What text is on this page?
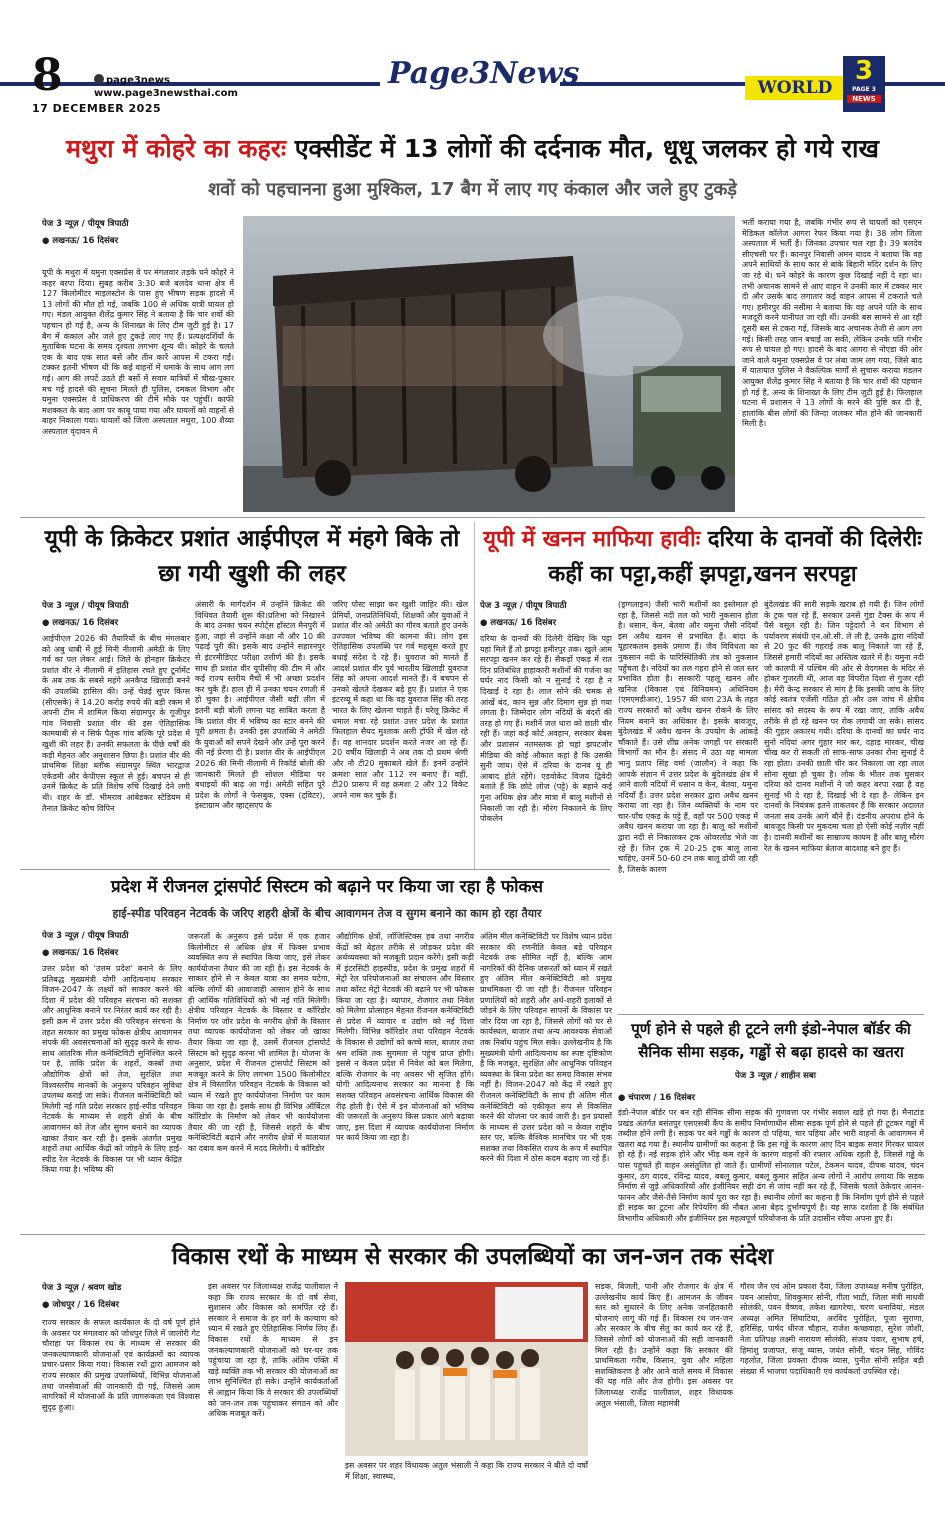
8	page3news
www.page3newsthai.com
17 DECEMBER 2025
Page3News	WORLD
3
PAGE 3
NEWS
मथुरा में कोहरे का कहरः एक्सीडेंट में 13 लोगों की दर्दनाक मौत, धूधू जलकर हो गये राख
शवों को पहचानना हुआ मुश्किल, 17 बैग में लाए गए कंकाल और जले हुए टुकड़े
पेज 3 न्यूज़ / पीयूष त्रिपाठी
● लखनऊ/ 16 दिसंबर
यूपी के मथुरा में यमुना एक्सप्रेस वे पर मंगलवार तड़के घने कोहरे ने कहर बरपा दिया। सुबह करीब 3:30 बजे बलदेव थाना क्षेत्र में 127 किलोमीटर माइलस्टोन के पास हुए भीषण सड़क हादसे में 13 लोगों की मौत हो गई, जबकि 100 से अधिक यात्री घायल हो गए। मंडल आयुक्त शैलेंद्र कुमार सिंह ने बताया है कि चार शवों की पहचान हो गई है, अन्य के शिनाख्त के लिए टीम जुटी हुई है। 17 बैग में कंकाल और जले हुए टुकड़े लाए गए हैं। प्रत्यक्षदर्शियों के मुताबिक घटना के समय दृश्यता लगभग शून्य थी। कोहरे के चलते एक के बाद एक सात बसें और तीन कारें आपस में टकरा गईं। टक्कर इतनी भीषण थी कि कई वाहनों में धमाके के साथ आग लग गई। आग की लपटें उठते ही बसों में सवार यात्रियों में चीख-पुकार मच गई हादसे की सूचना मिलते ही पुलिस, दमकल विभाग और यमुना एक्सप्रेस वे प्राधिकरण की टीमें मौके पर पहुंचीं। काफी मशक्कत के बाद आग पर काबू पाया गया और घायलों को वाहनों से बाहर निकाला गया। घायलों को जिला अस्पताल मथुरा, 100 शैय्या अस्पताल वृंदावन में
भर्ती कराया गया है, जबकि गंभीर रूप से घायलों को एसएन मेडिकल कॉलेज आगरा रेफर किया गया है। 38 लोग जिला अस्पताल में भर्ती हैं। जिनका उपचार चल रहा है। 39 बलदेव सीएचसी पर हैं। कानपुर निवासी अमन यादव ने बताया कि वह अपने साथियों के साथ कार से बांके बिहारी मंदिर दर्शन के लिए जा रहे थे। घने कोहरे के कारण कुछ दिखाई नहीं दे रहा था। तभी अचानक सामने से आए वाहन ने उनकी कार में टक्कर मार दी और उसके बाद लगातार कई वाहन आपस में टकराते चले गए। हमीरपुर की नसीमा ने बताया कि वह अपने पति के साथ मजदूरी करने पानीपत जा रही थीं। उनकी बस सामने से आ रही दूसरी बस से टकरा गई, जिसके बाद अचानक तेजी से आग लग गई। किसी तरह जान बचाई जा सकी, लेकिन उनके पति गंभीर रूप से घायल हो गए। हादसे के बाद आगरा से नोएडा की ओर जाने वाले यमुना एक्सप्रेस वे पर लंबा जाम लग गया, जिसे बाद में यातायात पुलिस ने वैकल्पिक मार्गों से सुचारू कराया मंडलन आयुक्त शैलेंद्र कुमार सिंह ने बताया है कि चार शवों की पहचान हो गई है, अन्य के शिनाख्त के लिए टीम जुटी हुई है। फिलहाल घटना में प्रशासन ने 13 लोगों के मरने की पुष्टि कर दी है, हालांकि बीस लोगों की जिन्दा जलकर मौत होने की जानकारी मिली है।
यूपी के क्रिकेटर प्रशांत आईपीएल में मंहगे बिके तो छा गयी खुशी की लहर
पेज 3 न्यूज़ / पीयूष त्रिपाठी
● लखनऊ/ 16 दिसंबर
आईपीएल 2026 की तैयारियों के बीच मंगलवार को अबु धाबी में हुई मिनी नीलामी अमेठी के लिए गर्व का पल लेकर आई। जिले के होनहार क्रिकेटर प्रशांत वीर ने नीलामी में इतिहास रचते हुए टूर्नामेंट के अब तक के सबसे महंगे अनकैप्ड खिलाड़ी बनने की उपलब्धि हासिल की। उन्हें चेन्नई सुपर किंग्स (सीएसके) ने 14.20 करोड़ रुपये की बड़ी रकम में अपनी टीम में शामिल किया संग्रामपुर के गूजीपुर गांव निवासी प्रशांत वीर की इस ऐतिहासिक कामयाबी से न सिर्फ पैतृक गांव बल्कि पूरे प्रदेश में खुशी की लहर है। उनकी सफलता के पीछे वर्षों की कड़ी मेहनत और अनुशासन छिपा है। प्रशांत वीर की प्राथमिक शिक्षा ब्लॉक संग्रामपुर स्थित भारद्वाज एकेडमी और केपीएस स्कूल से हुई। बचपन से ही उनमें क्रिकेट के प्रति विशेष रुचि दिखाई देने लगी थी। शहर के डॉ. भीमराव आंबेडकर स्टेडियम में तैनात क्रिकेट कोच विपिन
अंसारी के मार्गदर्शन में उन्होंने क्रिकेट की विधिवत तैयारी शुरू की।प्रतिभा को निखारने के बाद उनका चयन स्पोर्ट्स हॉस्टल मैनपुरी में हुआ, जहां से उन्होंने कक्षा नौ और 10 की पढ़ाई पूरी की। इसके बाद उन्होंने सहारनपुर से इंटरमीडिएट परीक्षा उत्तीर्ण की है। इसके साथ ही प्रशांत वीर यूपीसीए की टीम में और कई राज्य स्तरीय मैचों में भी अच्छा प्रदर्शन कर चुके हैं। हाल ही में उनका चयन रणजी में हो चुका है। आईपीएल जैसी बड़ी लीग में इतनी बड़ी बोली लगना यह साबित करता है कि प्रशांत वीर में भविष्य का स्टार बनने की पूरी क्षमता है। उनकी इस उपलब्धि ने अमेठी के युवाओं को सपने देखने और उन्हें पूरा करने की नई प्रेरणा दी है। प्रशांत वीर के आईपीएल 2026 की मिनी नीलामी में रिकॉर्ड बोली की जानकारी मिलते ही सोशल मीडिया पर बधाइयों की बाढ़ आ गई। अमेठी सहित पूरे प्रदेश के लोगों ने फेसबुक, एक्स (ट्विटर), इंस्टाग्राम और व्हाट्सएप के
जरिए पोस्ट साझा कर खुशी जाहिर की। खेल प्रेमियों, जनप्रतिनिधियों, शिक्षकों और युवाओं ने प्रशांत वीर को अमेठी का गौरव बताते हुए उनके उज्ज्वल भविष्य की कामना की। लोग इस ऐतिहासिक उपलब्धि पर गर्व महसूस करते हुए बधाई संदेश दे रहे हैं। युवराज को मानते हैं आदर्श प्रशांत वीर पूर्व भारतीय खिलाड़ी युवराज सिंह को अपना आदर्श मानते हैं। वे बचपन से उनको खेलते देखकर बड़े हुए हैं। प्रशांत ने एक इंटरव्यू में कहा था कि वह युवराज सिंह की तरह भारत के लिए खेलना चाहते हैं। घरेलू क्रिकेट में धमाल मचा रहे प्रशांत उत्तर प्रदेश के प्रशांत फिलहाल सैयद मुश्ताक अली ट्रॉफी में खेल रहे हैं। वह शानदार प्रदर्शन करते नजर आ रहे हैं। 20 वर्षीय खिलाड़ी ने अब तक दो प्रथम श्रेणी और नौ टी20 मुकाबले खेले हैं। इनमें उन्होंने क्रमशः सात और 112 रन बनाए हैं। वहीं, टी20 प्रारूप में वह क्रमशः 2 और 12 विकेट अपने नाम कर चुके हैं।
यूपी में खनन माफिया हावीः दरिया के दानवों की दिलेरीः कहीं का पट्टा,कहीं झपट्टा,खनन सरपट्टा
पेज 3 न्यूज़ / पीयूष त्रिपाठी
● लखनऊ/ 16 दिसंबर
दरिया के दानवों की दिलेरी देखिए कि पट्टा यहां मिले हैं तो झपट्टा हमीरपुर तक। खुले आम सरपट्टा खनन कर रहे हैं। सैकड़ों एकड़ में रात दिन प्रतिबंधित हाहाकारी मशीनों की गर्जना का घर्घर नाद किसी को न सुनाई दे रहा है न दिखाई दे रहा है। लाल सोने की चमक से आंखें बंद, कान सुन्न और दिमाग सुन्न हो गया लगता है। जिम्मेदार लोग नदियों के बंदरों की तरह हो गए हैं। मशीनें जल धारा को छाती चीर रही हैं। जहां कई कोर्ट अवहान, सरकार बेबस और प्रशासन नतमस्तक हो चहां झपटजोर मीडिया की कोई औकात कहां है कि उसकी सुनी जाय। ऐसे में दरिया के दानव यूं ही आबाद होते रहेंगे। एडवोकेट विजय द्विवेदी बताते हैं कि छोटे लोज (पट्टे) के बहाने कई गुना अधिक क्षेत्र और मात्रा में बालू मशीनों से निकाली जा रही है। मौरंग निकालने के लिए पोकलेन
(ड्रग्गलाइन) जैसी भारी मशीनों का इस्तेमाल हो रहा है, जिससे नदी तल को भारी नुकसान होता है। धसान, केन, बेतवा और यमुना जैसी नदियाँ इस अवैध खनन से प्रभावित हैं। बांदा के यूहारकलम इसके प्रमाण हैं। जैव विविधता का नुकसान नदी के पारिस्थितिकी तंत्र को नुकसान पहुँचता है। नदियों का तल गहरा होने से जल स्तर प्रभावित होता है। सरकारी पहलू खनन और खनिज (विकास एवं विनियमन) अधिनियम (एमएमडीआर), 1957 की धारा 23A के तहत राज्य सरकारों को अवैध खनन रोकने के लिए नियम बनाने का अधिकार है। इसके बावजूद, बुंदेलखंड में अवैध खनन के उपयोग के आंकड़े चौंकाते हैं। उसे शीघ्र अनेक जगहों पर सरकारी विभागों का मौन है। संसद में उठा यह मामला भानु प्रताप सिंह वर्मा (जालौन) ने कहा कि आपके संज्ञान में उत्तर प्रदेश के बुंदेलखंड क्षेत्र में आने वाली नदियों में धसान व केन, बेतवा, यमुना नदियाँ हैं। उत्तर प्रदेश सरकार द्वारा अवैध खनन कराया जा रहा है। जिन व्यक्तियों के नाम पर चार-पाँच एकड़ के पट्टे हैं, वहाँ पर 500 एकड़ में अवैध खनन कराया जा रहा है। बालू को मशीनों द्वारा नदी से निकालकर ट्रक ओवरलोड भेजे जा रहे हैं। जिन ट्रक में 20-25 ट्रक बालू लाना चाहिए, उनमें 50-60 टन तक बालू ढोयी जा रही है, जिसके कारण
बुंदेलखंड की सारी सड़कें खराब हो गयी हैं। जिन लोगों के ट्रक चल रहे हैं, सरकार उनसे गुंडा टैक्स के रूप में पैसे वसूल रही है। जिन पट्टेदारों ने वन विभाग से पर्यावरण संबंधी एन.ओ.सी. ले ली है, उनके द्वारा नदियों से 20 फुट की गहराई तक बालू निकाले जा रहे हैं, जिससे हमारी नदियों का अस्तित्व खतरे में है। यमुना नदी जो कालपी में पश्चिम की ओर से वेदगमस के मंदिर से होकर गुजरती थी, आज वह विपरीत दिशा से गुजर रही है। मेरी केन्द्र सरकार से मांग है कि इसकी जांच के लिए कोई स्वतंत्र एजेंसी गठित हो और उस जांच में क्षेत्रीय सांसद को सदस्य के रूप में रखा जाए, ताकि अवैध तरीके से हो रहे खनन पर रोक लगायी जा सके। सांसद की गुहार अकारथ गयी। दरिया के दानवों का घर्घर नाद सुनो नदियां अगर गुहार मार कर, दहाड़ मारकर, चीख चीख कर रो सकती तो साफ-साफ उनका रोना सुनाई दे रहा होता। उनकी छाती चीर कर निकाला जा रहा लाल सोना सूखा हो चुका है। लोक के भीतर तक घुसकर दरिया को दानव मशीनों ने जो कहर बरपा रखा है वह सुनाई भी दे रहा है, दिखाई भी दे रहा है- लेकिन इन दानवों के नियंत्रक इतने ताकतवर हैं कि सरकार अदालत जनता सब उनके आगे बौने हैं। दंडनीय अपराध होने के बावजूद किसी पर मुकदमा चला हो ऐसी कोई नज़ीर नहीं है। दानवी मशीनों का साम्राज्य कायम है और बालू मौरंग रेत के खनन माफिया बेताज बादशाह बने हुए हैं।
प्रदेश में रीजनल ट्रांसपोर्ट सिस्टम को बढ़ाने पर किया जा रहा है फोकस
हाई-स्पीड परिवहन नेटवर्क के जरिए शहरी क्षेत्रों के बीच आवागमन तेज व सुगम बनाने का काम हो रहा तैयार
पेज 3 न्यूज़ / पीयूष त्रिपाठी
● लखनऊ/ 16 दिसंबर
उत्तर प्रदेश को 'उत्तम प्रदेश' बनाने के लिए प्रतिबद्ध मुख्यमंत्री योगी आदित्यनाथ सरकार विजन-2047 के लक्ष्यों को साकार करने की दिशा में प्रदेश की परिवहन संरचना को सशक्त और आधुनिक बनाने पर निरंतर कार्य कर रही है। इसी क्रम में उत्तर प्रदेश की परिवहन संरचना के तहत सरकार का प्रमुख फोकस क्षेत्रीय आवागमन संपर्क की अवसंरचनाओं को सुदृढ़ करने के साथ-साथ आंतरिक मील कनेक्टिविटी सुनिश्चित करने पर है, ताकि प्रदेश के शहरों, कस्बों तथा औद्योगिक क्षेत्रों को तेज, सुरक्षित तथा विश्वस्तरीय मानकों के अनुरूप परिवहन सुविधा उपलब्ध कराई जा सके। रीजनल कनेक्टिविटी को मिलेगी नई गति प्रदेश सरकार हाई-स्पीड परिवहन नेटवर्क के माध्यम से शहरी क्षेत्रों के बीच आवागमन को तेज और सुगम बनाने का व्यापक खाका तैयार कर रही है। इसके अंतर्गत प्रमुख शहरों तथा आर्थिक केंद्रों को जोड़ने के लिए हाई-स्पीड रेल नेटवर्क के विकास पर भी ध्यान केंद्रित किया गया है। भविष्य की
जरूरतों के अनुरूप इसे प्रदेश में एक हजार किलोमीटर से अधिक क्षेत्र में फिक्स प्रभाव व्यवस्थित रूप से स्थापित किया जाए, इसे लेकर कार्ययोजना तैयार की जा रही है। इस नेटवर्क के साकार होने से न केवल यात्रा का समय घटेगा, बल्कि लोगों की आवाजाही आसान होने के साथ ही आर्थिक गतिविधियों को भी नई गति मिलेगी। क्षेत्रीय परिवहन नेटवर्क के विस्तार व कॉरिडोर निर्माण पर जोर प्रदेश के नगरीय क्षेत्रों के विस्तार तथा व्यापक कार्ययोजना को लेकर जो खाका तैयार किया जा रहा है, उसमें रीजनल ट्रांसपोर्ट सिस्टम को सुदृढ़ करना भी शामिल है। योजना के अनुसार, प्रदेश में रीजनल ट्रांसपोर्ट सिस्टम को मजबूत करने के लिए लगभग 1500 किलोमीटर क्षेत्र में विस्तारित परिवहन नेटवर्क के विकास को ध्यान में रखते हुए कार्ययोजना निर्माण पर काम किया जा रहा है। इसके साथ ही विभिन्न ऑर्बिटल कॉरिडोर के निर्माण को लेकर भी कार्ययोजना तैयार की जा रही है, जिससे शहरों के बीच कनेक्टिविटी बढ़ाने और नगरीय क्षेत्रों में यातायात का दबाव कम करने में मदद मिलेगी। ये कॉरिडोर
औद्योगिक क्षेत्रों, लॉजिस्टिक्स हब तथा नगरीय केंद्रों को बेहतर तरीके से जोड़कर प्रदेश की अर्थव्यवस्था को मजबूती प्रदान करेंगे। इसी कड़ी में इंटरसिटी हाइस्पीड, प्रदेश के प्रमुख शहरों में मेट्रो रेल परियोजनाओं का संचालन और विस्तार तथा कॉरट मेट्रो नेटवर्क की बढ़ाने पर भी फोकस किया जा रहा है। व्यापार, रोजगार तथा निवेश को मिलेगा प्रोत्साहन मेहनत रीजनल कनेक्टिविटी से प्रदेश में व्यापार व उद्योग को नई दिशा मिलेगी। विभिन्न कॉरिडोर तथा परिवहन नेटवर्क के विकास से उद्योगों को कच्चे माल, बाजार तथा श्रम शक्ति तक सुगमता से पहुंच प्राप्त होगी। इससे न केवल प्रदेश में निवेश को बल मिलेगा, बल्कि रोजगार के नए अवसर भी सृजित होंगे। योगी आदित्यनाथ सरकार का मानना है कि सशक्त परिवहन अवसंरचना आर्थिक विकास की रीढ़ होती है। ऐसे में इन योजनाओं को भविष्य की जरूरतों के अनुरूप किस प्रकार आगे बढ़ाया जाए, इस दिशा में व्यापक कार्ययोजना निर्माण पर कार्य किया जा रहा है।
अंतिम मील कनेक्टिविटी पर विशेष ध्यान प्रदेश सरकार की रणनीति केवल बड़े परिवहन नेटवर्क तक सीमित नहीं है, बल्कि आम नागरिकों की दैनिक जरूरतों को ध्यान में रखते हुए अंतिम मील कनेक्टिविटी को प्रमुख प्राथमिकता दी जा रही है। रीजनल परिवहन प्रणालियों को शहरी और अर्ध-शहरी इलाकों से जोड़ने के लिए परिवहन सापनों के विकास पर जोर दिया जा रहा है, जिससे लोगों को घर से कार्यस्थल, बाजार तथा अन्य आवश्यक सेवाओं तक निर्बाध पहुंच मिल सके। उल्लेखनीय है कि मुख्यमंत्री योगी आदित्यनाथ का स्पष्ट दृष्टिकोण है कि मजबूत, सुरक्षित और आधुनिक परिवहन व्यवस्था के बिना प्रदेश का समग्र विकास संभव नहीं है। विजन-2047 को केंद्र में रखते हुए रीजनल कनेक्टिविटी के साथ ही अंतिम मील कनेक्टिविटी को एकीकृत रूप से विकसित करने की योजना पर कार्य जारी है। इन प्रयासों के माध्यम से उत्तर प्रदेश को न केवल राष्ट्रीय स्तर पर, बल्कि वैश्विक मानचित्र पर भी एक सशक्त तथा विकसित राज्य के रूप में स्थापित करने की दिशा में ठोस कदम बढ़ाए जा रहे हैं।
पूर्ण होने से पहले ही टूटने लगी इंडो-नेपाल बॉर्डर की सैनिक सीमा सड़क, गड्ढों से बढ़ा हादसे का खतरा
पेज 3 न्यूज़ / शाहीन सबा
● चंपारण / 16 दिसंबर
इंडो-नेपाल बॉर्डर पर बन रही सैनिक सीमा सड़क की गुणवत्ता पर गंभीर सवाल खड़े हो गया है। मैनाटांड़ प्रखंड अंतर्गत बसंतपुर एसएसबी कैंप के समीप निर्माणाधीन सीमा सड़क पूर्ण होने से पहले ही टूटकर गड्ढों में तब्दील होने लगी है। सड़क पर बने गड्ढों के कारण दो पहिया, चार पहिया और भारी वाहनों के आवागमन में खतरा बढ़ गया है। स्थानीय ग्रामीणों का कहना है कि इस गड्ढे के कारण आए दिन बाइक सवार गिरकर घायल हो रहे हैं। नई सड़क होने और भीड़ कम रहने के कारण वाहनों की रफ्तार अधिक रहती है, जिससे गड्ढे के पास पहुंचते ही वाहन असंतुलित हो जाते हैं। ग्रामीणों सोनालाल पटेल, टेकमन यादव, दीपक यादव, चंदन कुमार, ठग यादव, रविन्द्र यादव, बबलू कुमार, बबलू कुमार सहित अन्य लोगों ने आरोप लगाया कि सड़क निर्माण से जुड़े अधिकारियों और इंजीनियर सही ढंग से जांच नहीं कर रहे हैं, जिसके चलते ठेकेदार आनन-फानन और जैसे-तैसे निर्माण कार्य पूरा कर रहा है। स्थानीय लोगों का कहना है कि निर्माण पूर्ण होने से पहले ही सड़क का टूटना और रिपेयरिंग की नौबत आना बेहद दुर्भाग्यपूर्ण है। यह साफ दर्शाता है कि संबंधित विभागीय अधिकारी और इंजीनियर इस महत्वपूर्ण परियोजना के प्रति उदासीन रवैया अपना हुए हैं।
विकास रथों के माध्यम से सरकार की उपलब्धियों का जन-जन तक संदेश
पेज 3 न्यूज़ / श्रवण खोड
● जोधपुर / 16 दिसंबर
राज्य सरकार के सफल कार्यकाल के दो वर्ष पूर्ण होने के अवसर पर मंगलवार को जोधपुर जिले में जालोरी गेट चौराहा पर विकास रथ के माध्यम से सरकार की जनकल्याणकारी योजनाओं एवं कार्यक्रमों का व्यापक प्रचार-प्रसार किया गया। विकास रथों द्वारा आमजन को राज्य सरकार की प्रमुख उपलब्धियों, विभिन्न योजनाओं तथा जनसेवाओं की जानकारी दी गई, जिससे आम नागरिकों में योजनाओं के प्रति जागरूकता एवं विश्वास सुदृढ़ हुआ।
इस अवसर पर जिलाध्यक्ष राजेंद्र पालीवाल ने कहा कि राज्य सरकार के दो वर्ष सेवा, सुशासन और विकास को समर्पित रहे हैं। सरकार ने समाज के हर वर्ग के कल्याण को ध्यान में रखते हुए ऐतिहासिक निर्णय लिए हैं। विकास रथों के माध्यम से इन जनकल्याणकारी योजनाओं को घर-घर तक पहुंचाया जा रहा है, ताकि अंतिम पंक्ति में खड़े व्यक्ति तक भी सरकार की योजनाओं का लाभ सुनिश्चित हो सके। उन्होंने कार्यकर्ताओं से आह्वान किया कि वे सरकार की उपलब्धियों को जन-जन तक पहुंचाकर संगठन को और अधिक मजबूत करें।
इस अवसर पर शहर विधायक अतुल भंसाली ने कहा कि राज्य सरकार ने बीते दो वर्षों में शिक्षा, स्वास्थ्य,
सड़क, बिजली, पानी और रोजगार के क्षेत्र में उल्लेखनीय कार्य किए हैं। आमजन के जीवन स्तर को सुधारने के लिए अनेक जनहितकारी योजनाएं लागू की गई हैं। विकास रथ जन-जन और सरकार के बीच सेतु का कार्य कर रहे हैं, जिससे लोगों को योजनाओं की सही जानकारी मिल रही है। उन्होंने कहा कि सरकार की प्राथमिकता गरीब, किसान, युवा और महिला सशक्तिकरण है और आने वाले समय में विकास की यह गति और तेज होगी। इस अवसर पर जिलाध्यक्ष राजेंद्र पालीवाल, शहर विधायक अतुल भंसाली, जिला महामंत्री
गौरव जैन एवं ओम प्रकाश दैया, जिला उपाध्यक्ष मनीष पुरोहित, पवन आसोपा, शिवकुमार सोनी, गीता भाटी, जिला मंत्री माधवी सोलंकी, पवन वैष्णव, तकेश खागरेचा, चरण धनावियां, मंडल अध्यक्ष अमित सिंघाटिया, अरविंद पुरोहित, पूजा सुराणा, हरिसिंह, पार्षद धीरज चौहान, राजेश कच्छवाहा, सुरेश जोशी, नेता प्रतिपक्ष लक्ष्मी नारायण सोलंकी, संजय पंवार, सुभाष हर्ष, हिमांशु प्रजापत, संजू व्यास, जयंत सोनी, चंदन सिंह, गोविंद गहलोत, जिला प्रवक्ता दीपक व्यास, पुनीत सोनी सहित बड़ी संख्या में भाजपा पदाधिकारी एवं कार्यकर्ता उपस्थित रहे।
